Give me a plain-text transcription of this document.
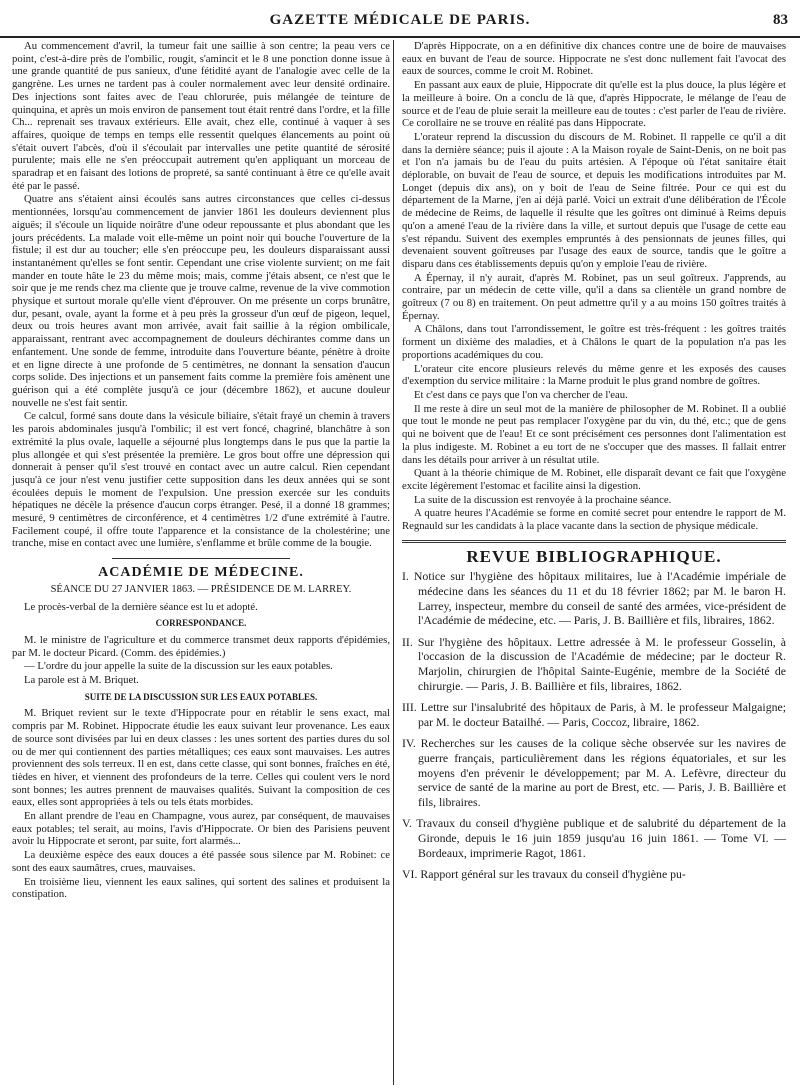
GAZETTE MÉDICALE DE PARIS.	83

Au commencement d'avril, la tumeur fait une saillie à son centre; la peau vers ce point, c'est-à-dire près de l'ombilic, rougit, s'amincit et le 8 une ponction donne issue à une grande quantité de pus sanieux, d'une fétidité ayant de l'analogie avec celle de la gangrène. Les urnes ne tardent pas à couler normalement avec leur densité ordinaire. Des injections sont faites avec de l'eau chlorurée, puis mélangée de teinture de quinquina, et après un mois environ de pansement tout était rentré dans l'ordre, et la fille Ch... reprenait ses travaux extérieurs. Elle avait, chez elle, continué à vaquer à ses affaires, quoique de temps en temps elle ressentit quelques élancements au point où s'était ouvert l'abcès, d'où il s'écoulait par intervalles une petite quantité de sérosité purulente; mais elle ne s'en préoccupait autrement qu'en appliquant un morceau de sparadrap et en faisant des lotions de propreté, sa santé continuant à être ce qu'elle avait été par le passé.

Quatre ans s'étaient ainsi écoulés sans autres circonstances que celles ci-dessus mentionnées, lorsqu'au commencement de janvier 1861 les douleurs deviennent plus aiguës; il s'écoule un liquide noirâtre d'une odeur repoussante et plus abondant que les jours précédents. La malade voit elle-même un point noir qui bouche l'ouverture de la fistule; il est dur au toucher; elle s'en préoccupe peu, les douleurs disparaissant aussi instantanément qu'elles se font sentir. Cependant une crise violente survient; on me fait mander en toute hâte le 23 du même mois; mais, comme j'étais absent, ce n'est que le soir que je me rends chez ma cliente que je trouve calme, revenue de la vive commotion physique et surtout morale qu'elle vient d'éprouver. On me présente un corps brunâtre, dur, pesant, ovale, ayant la forme et à peu près la grosseur d'un œuf de pigeon, lequel, deux ou trois heures avant mon arrivée, avait fait saillie à la région ombilicale, apparaissant, rentrant avec accompagnement de douleurs déchirantes comme dans un enfantement. Une sonde de femme, introduite dans l'ouverture béante, pénètre à droite et en ligne directe à une profonde de 5 centimètres, ne donnant la sensation d'aucun corps solide. Des injections et un pansement faits comme la première fois amènent une guérison qui a été complète jusqu'à ce jour (décembre 1862), et aucune douleur nouvelle ne s'est fait sentir.

Ce calcul, formé sans doute dans la vésicule biliaire, s'était frayé un chemin à travers les parois abdominales jusqu'à l'ombilic; il est vert foncé, chagriné, blanchâtre à son extrémité la plus ovale, laquelle a séjourné plus longtemps dans le pus que la partie la plus allongée et qui s'est présentée la première. Le gros bout offre une dépression qui donnerait à penser qu'il s'est trouvé en contact avec un autre calcul. Rien cependant jusqu'à ce jour n'est venu justifier cette supposition dans les deux années qui se sont écoulées depuis le moment de l'expulsion. Une pression exercée sur les conduits hépatiques ne décèle la présence d'aucun corps étranger. Pesé, il a donné 18 grammes; mesuré, 9 centimètres de circonférence, et 4 centimètres 1/2 d'une extrémité à l'autre. Facilement coupé, il offre toute l'apparence et la consistance de la cholestérine; une tranche, mise en contact avec une lumière, s'enflamme et brûle comme de la bougie.

ACADÉMIE DE MÉDECINE.
SÉANCE DU 27 JANVIER 1863. — PRÉSIDENCE DE M. LARREY.

Le procès-verbal de la dernière séance est lu et adopté.

CORRESPONDANCE.

M. le ministre de l'agriculture et du commerce transmet deux rapports d'épidémies, par M. le docteur Picard. (Comm. des épidémies.)

— L'ordre du jour appelle la suite de la discussion sur les eaux potables.

La parole est à M. Briquet.

SUITE DE LA DISCUSSION SUR LES EAUX POTABLES.

M. Briquet revient sur le texte d'Hippocrate pour en rétablir le sens exact, mal compris par M. Robinet. Hippocrate étudie les eaux suivant leur provenance. Les eaux de source sont divisées par lui en deux classes : les unes sortent des parties dures du sol ou de mer qui contiennent des parties métalliques; ces eaux sont mauvaises. Les autres proviennent des sols terreux. Il en est, dans cette classe, qui sont bonnes, fraîches en été, tièdes en hiver, et viennent des profondeurs de la terre. Celles qui coulent vers le nord sont bonnes; les autres prennent de mauvaises qualités. Suivant la composition de ces eaux, elles sont appropriées à tels ou tels états morbides.

En allant prendre de l'eau en Champagne, vous aurez, par conséquent, de mauvaises eaux potables; tel serait, au moins, l'avis d'Hippocrate. Or bien des Parisiens peuvent avoir lu Hippocrate et seront, par suite, fort alarmés...

La deuxième espèce des eaux douces a été passée sous silence par M. Robinet: ce sont des eaux saumâtres, crues, mauvaises.

En troisième lieu, viennent les eaux salines, qui sortent des salines et produisent la constipation.

D'après Hippocrate, on a en définitive dix chances contre une de boire de mauvaises eaux en buvant de l'eau de source. Hippocrate ne s'est donc nullement fait l'avocat des eaux de sources, comme le croit M. Robinet.

En passant aux eaux de pluie, Hippocrate dit qu'elle est la plus douce, la plus légère et la meilleure à boire. On a conclu de là que, d'après Hippocrate, le mélange de l'eau de source et de l'eau de pluie serait la meilleure eau de toutes : c'est parler de l'eau de rivière. Ce corollaire ne se trouve en réalité pas dans Hippocrate.

L'orateur reprend la discussion du discours de M. Robinet. Il rappelle ce qu'il a dit dans la dernière séance; puis il ajoute : A la Maison royale de Saint-Denis, on ne boit pas et l'on n'a jamais bu de l'eau du puits artésien. A l'époque où l'état sanitaire était déplorable, on buvait de l'eau de source, et depuis les modifications introduites par M. Longet (depuis dix ans), on y boit de l'eau de Seine filtrée. Pour ce qui est du département de la Marne, j'en ai déjà parlé. Voici un extrait d'une délibération de l'École de médecine de Reims, de laquelle il résulte que les goîtres ont diminué à Reims depuis qu'on a amené l'eau de la rivière dans la ville, et surtout depuis que l'usage de cette eau s'est répandu. Suivent des exemples empruntés à des pensionnats de jeunes filles, qui devenaient souvent goîtreuses par l'usage des eaux de source, tandis que le goître a disparu dans ces établissements depuis qu'on y emploie l'eau de rivière.

A Épernay, il n'y aurait, d'après M. Robinet, pas un seul goîtreux. J'apprends, au contraire, par un médecin de cette ville, qu'il a dans sa clientèle un grand nombre de goîtreux (7 ou 8) en traitement. On peut admettre qu'il y a au moins 150 goîtres traités à Épernay.

A Châlons, dans tout l'arrondissement, le goître est très-fréquent : les goîtres traités forment un dixième des maladies, et à Châlons le quart de la population n'a pas les proportions académiques du cou.

L'orateur cite encore plusieurs relevés du même genre et les exposés des causes d'exemption du service militaire : la Marne produit le plus grand nombre de goîtres.

Et c'est dans ce pays que l'on va chercher de l'eau.

Il me reste à dire un seul mot de la manière de philosopher de M. Robinet. Il a oublié que tout le monde ne peut pas remplacer l'oxygène par du vin, du thé, etc.; que de gens qui ne boivent que de l'eau! Et ce sont précisément ces personnes dont l'alimentation est la plus indigeste. M. Robinet a eu tort de ne s'occuper que des masses. Il fallait entrer dans les détails pour arriver à un résultat utile.

Quant à la théorie chimique de M. Robinet, elle disparaît devant ce fait que l'oxygène excite légèrement l'estomac et facilite ainsi la digestion.

La suite de la discussion est renvoyée à la prochaine séance.

A quatre heures l'Académie se forme en comité secret pour entendre le rapport de M. Regnauld sur les candidats à la place vacante dans la section de physique médicale.

REVUE BIBLIOGRAPHIQUE.
I. Notice sur l'hygiène des hôpitaux militaires, lue à l'Académie impériale de médecine dans les séances du 11 et du 18 février 1862; par M. le baron H. Larrey, inspecteur, membre du conseil de santé des armées, vice-président de l'Académie de médecine, etc. — Paris, J. B. Baillière et fils, libraires, 1862.
II. Sur l'hygiène des hôpitaux. Lettre adressée à M. le professeur Gosselin, à l'occasion de la discussion de l'Académie de médecine; par le docteur R. Marjolin, chirurgien de l'hôpital Sainte-Eugénie, membre de la Société de chirurgie. — Paris, J. B. Baillière et fils, libraires, 1862.
III. Lettre sur l'insalubrité des hôpitaux de Paris, à M. le professeur Malgaigne; par M. le docteur Batailhé. — Paris, Coccoz, libraire, 1862.
IV. Recherches sur les causes de la colique sèche observée sur les navires de guerre français, particulièrement dans les régions équatoriales, et sur les moyens d'en prévenir le développement; par M. A. Lefèvre, directeur du service de santé de la marine au port de Brest, etc. — Paris, J. B. Baillière et fils, libraires.
V. Travaux du conseil d'hygiène publique et de salubrité du département de la Gironde, depuis le 16 juin 1859 jusqu'au 16 juin 1861. — Tome VI. — Bordeaux, imprimerie Ragot, 1861.
VI. Rapport général sur les travaux du conseil d'hygiène pu-
